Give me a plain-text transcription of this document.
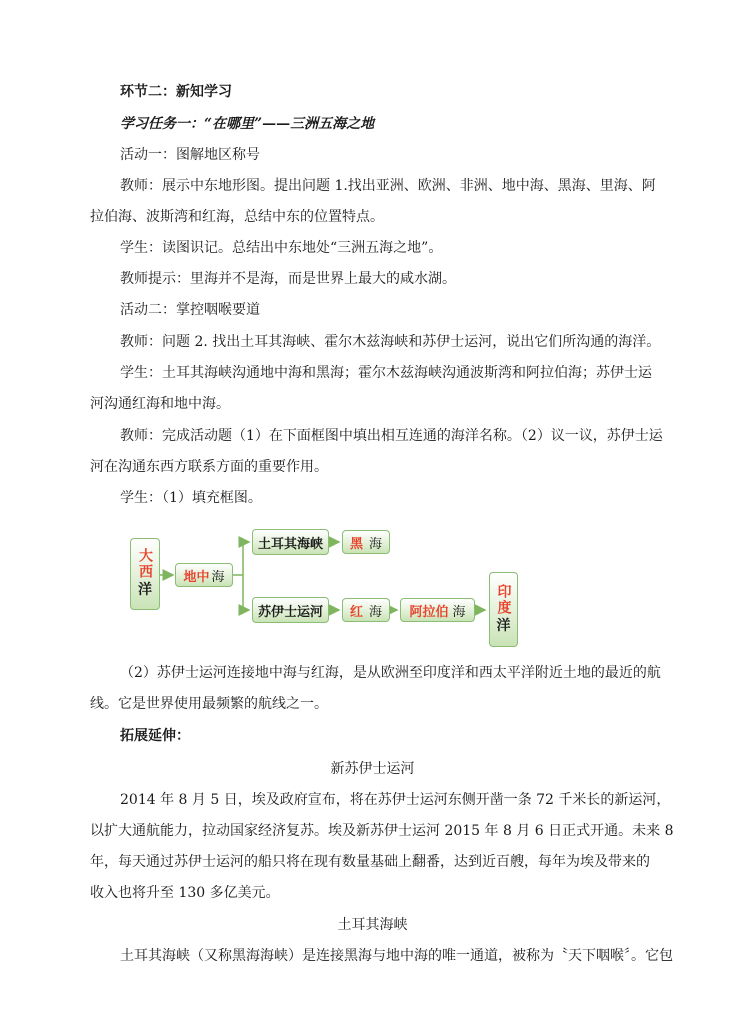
环节二：新知学习
学习任务一：“在哪里”——三洲五海之地
活动一：图解地区称号
教师：展示中东地形图。提出问题 1.找出亚洲、欧洲、非洲、地中海、黑海、里海、阿
拉伯海、波斯湾和红海，总结中东的位置特点。
学生：读图识记。总结出中东地处“三洲五海之地”。
教师提示：里海并不是海，而是世界上最大的咸水湖。
活动二：掌控咽喉要道
教师：问题 2. 找出土耳其海峡、霍尔木兹海峡和苏伊士运河，说出它们所沟通的海洋。
学生：土耳其海峡沟通地中海和黑海；霍尔木兹海峡沟通波斯湾和阿拉伯海；苏伊士运
河沟通红海和地中海。
教师：完成活动题（1）在下面框图中填出相互连通的海洋名称。（2）议一议，苏伊士运
河在沟通东西方联系方面的重要作用。
学生：（1）填充框图。
大西
洋
地中 海
土耳其海峡 黑 海
苏伊士运河 红 海 阿拉伯 海 印度
洋
（2）苏伊士运河连接地中海与红海，是从欧洲至印度洋和西太平洋附近土地的最近的航
线。它是世界使用最频繁的航线之一。
拓展延伸：
新苏伊士运河
2014 年 8 月 5 日，埃及政府宣布，将在苏伊士运河东侧开凿一条 72 千米长的新运河，
以扩大通航能力，拉动国家经济复苏。埃及新苏伊士运河 2015 年 8 月 6 日正式开通。未来 8
年，每天通过苏伊士运河的船只将在现有数量基础上翻番，达到近百艘，每年为埃及带来的
收入也将升至 130 多亿美元。
土耳其海峡
土耳其海峡（又称黑海海峡）是连接黑海与地中海的唯一通道，被称为〝天下咽喉〞。它包
